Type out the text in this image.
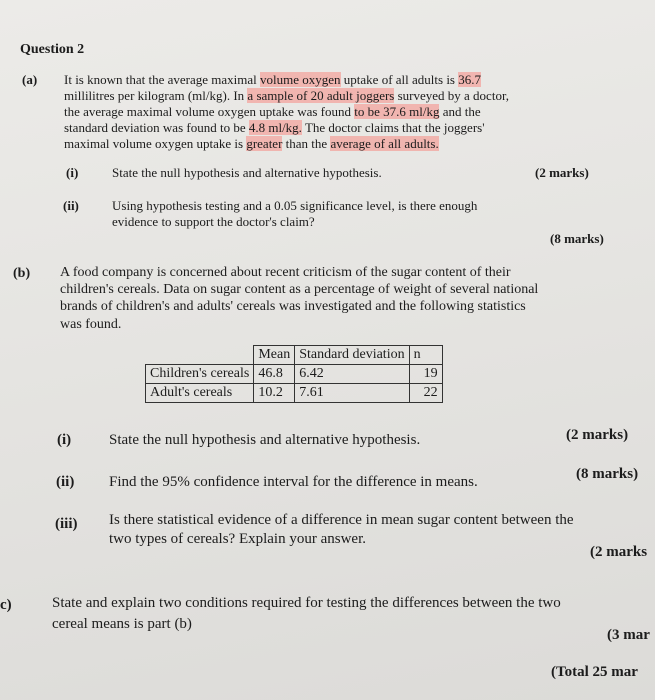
Question 2
(a) It is known that the average maximal volume oxygen uptake of all adults is 36.7
millilitres per kilogram (ml/kg). In a sample of 20 adult joggers surveyed by a doctor,
the average maximal volume oxygen uptake was found to be 37.6 ml/kg and the
standard deviation was found to be 4.8 ml/kg. The doctor claims that the joggers'
maximal volume oxygen uptake is greater than the average of all adults.
(i)	State the null hypothesis and alternative hypothesis.	(2 marks)
(ii)	Using hypothesis testing and a 0.05 significance level, is there enough
evidence to support the doctor's claim?
(8 marks)
(b) A food company is concerned about recent criticism of the sugar content of their
children's cereals. Data on sugar content as a percentage of weight of several national
brands of children's and adults' cereals was investigated and the following statistics
was found.
	Mean	Standard deviation	n
Children's cereals	46.8	6.42	19
Adult's cereals	10.2	7.61	22
(i)	State the null hypothesis and alternative hypothesis.	(2 marks)
(ii) Find the 95% confidence interval for the difference in means.	(8 marks)
(iii) Is there statistical evidence of a difference in mean sugar content between the
two types of cereals? Explain your answer.
(2 marks
c)	State and explain two conditions required for testing the differences between the two
cereal means is part (b)
(3 mar
(Total 25 mar
